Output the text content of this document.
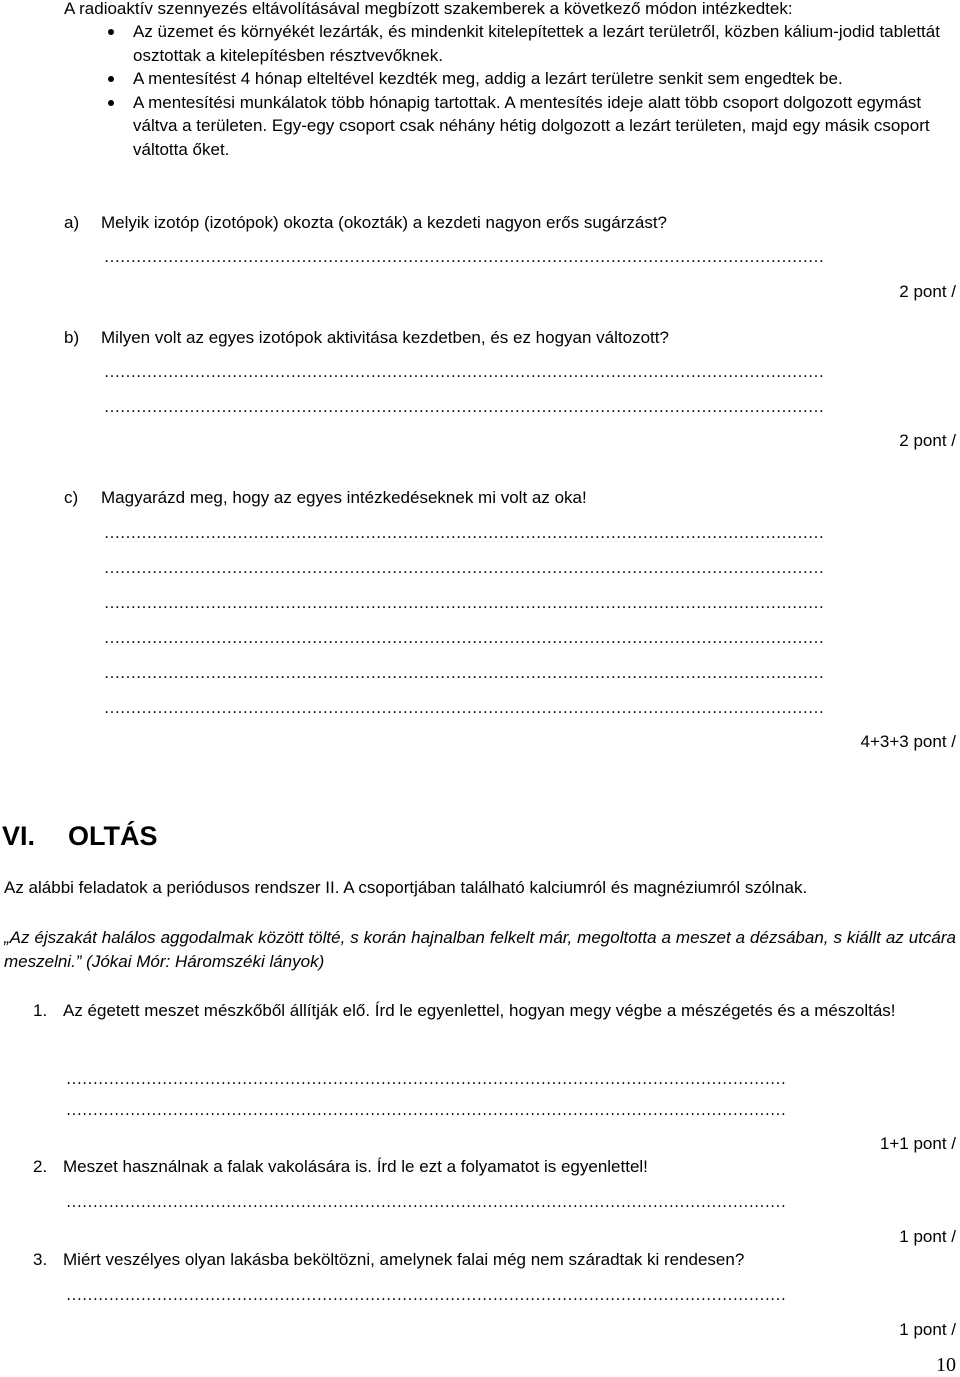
A radioaktív szennyezés eltávolításával megbízott szakemberek a következő módon intézkedtek:
Az üzemet és környékét lezárták, és mindenkit kitelepítettek a lezárt területről, közben kálium-jodid tablettát osztottak a kitelepítésben résztvevőknek.
A mentesítést 4 hónap elteltével kezdték meg, addig a lezárt területre senkit sem engedtek be.
A mentesítési munkálatok több hónapig tartottak. A mentesítés ideje alatt több csoport dolgozott egymást váltva a területen. Egy-egy csoport csak néhány hétig dolgozott a lezárt területen, majd egy másik csoport váltotta őket.
a) Melyik izotóp (izotópok) okozta (okozták) a kezdeti nagyon erős sugárzást?
………………………………………………………………………………………………………………………
2 pont /
b) Milyen volt az egyes izotópok aktivitása kezdetben, és ez hogyan változott?
………………………………………………………………………………………………………………………
………………………………………………………………………………………………………………………
2 pont /
c) Magyarázd meg, hogy az egyes intézkedéseknek mi volt az oka!
………………………………………………………………………………………………………………………
………………………………………………………………………………………………………………………
………………………………………………………………………………………………………………………
………………………………………………………………………………………………………………………
………………………………………………………………………………………………………………………
………………………………………………………………………………………………………………………
4+3+3 pont /
VI. OLTÁS
Az alábbi feladatok a periódusos rendszer II. A csoportjában található kalciumról és magnéziumról szólnak.
„Az éjszakát halálos aggodalmak között tölté, s korán hajnalban felkelt már, megoltotta a meszet a dézsában, s kiállt az utcára meszelni.” (Jókai Mór: Háromszéki lányok)
1. Az égetett meszet mészkőből állítják elő. Írd le egyenlettel, hogyan megy végbe a mészégetés és a mészoltás!
………………………………………………………………………………………………………………………
………………………………………………………………………………………………………………………
1+1 pont /
2. Meszet használnak a falak vakolására is. Írd le ezt a folyamatot is egyenlettel!
………………………………………………………………………………………………………………………
1 pont /
3. Miért veszélyes olyan lakásba beköltözni, amelynek falai még nem száradtak ki rendesen?
………………………………………………………………………………………………………………………
1 pont /
10
